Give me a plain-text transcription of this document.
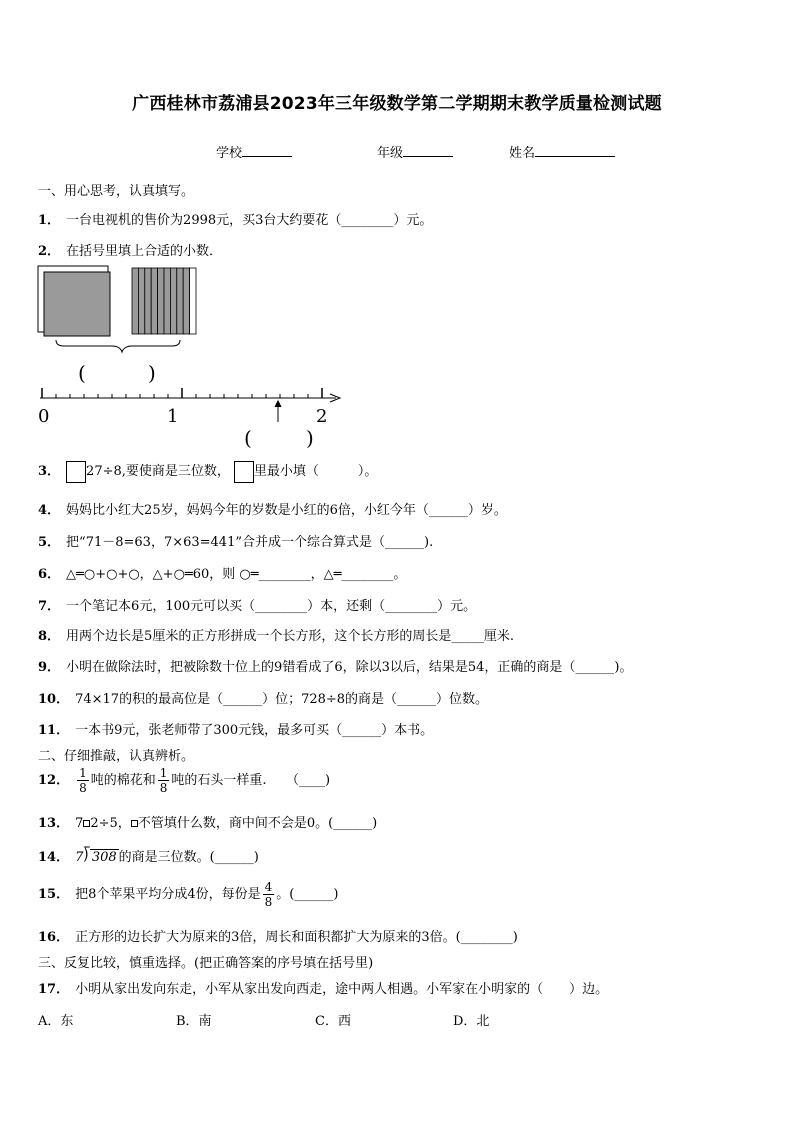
广西桂林市荔浦县2023年三年级数学第二学期期末教学质量检测试题
学校	年级	姓名
一、用心思考，认真填写。
1． 一台电视机的售价为2998元，买3台大约要花（________）元。
2． 在括号里填上合适的小数．
(	)
0	1	2
(	)
3． 27÷8,要使商是三位数， 里最小填（　　　）。
4． 妈妈比小红大25岁，妈妈今年的岁数是小红的6倍，小红今年（______）岁。
5． 把“71－8=63，7×63=441”合并成一个综合算式是（______).
6． △═○+○+○，△+○═60，则 ○═________，△═________。
7． 一个笔记本6元，100元可以买（________）本，还剩（________）元。
8． 用两个边长是5厘米的正方形拼成一个长方形，这个长方形的周长是_____厘米.
9． 小明在做除法时，把被除数十位上的9错看成了6，除以3以后，结果是54，正确的商是（______)。
10． 74×17的积的最高位是（______）位；728÷8的商是（______）位数。
11． 一本书9元，张老师带了300元钱，最多可买（______）本书。
二、仔细推敲，认真辨析。
12． $\frac{1}{8}$ 吨的棉花和 $\frac{1}{8}$ 吨的石头一样重.　　（____)
13． 7 2÷5， 不管填什么数，商中间不会是0。(______)
14． 7⟌ 308 的商是三位数。(______)
15． 把8个苹果平均分成4份，每份是 $\frac{4}{8}$ 。(______)
16． 正方形的边长扩大为原来的3倍，周长和面积都扩大为原来的3倍。(________)
三、反复比较，慎重选择。(把正确答案的序号填在括号里)
17． 小明从家出发向东走，小军从家出发向西走，途中两人相遇。小军家在小明家的（　　）边。
A．东	B．南	C．西	D．北
